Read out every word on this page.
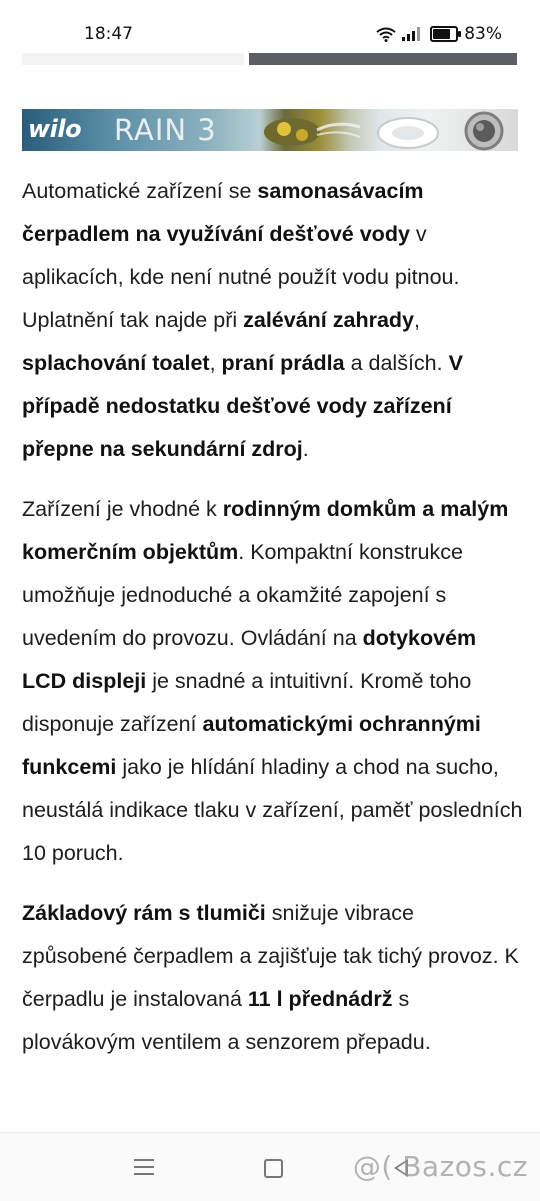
18:47	83%
wilo RAIN 3

Automatické zařízení se samonasávacím čerpadlem na využívání dešťové vody v aplikacích, kde není nutné použít vodu pitnou. Uplatnění tak najde při zalévání zahrady, splachování toalet, praní prádla a dalších. V případě nedostatku dešťové vody zařízení přepne na sekundární zdroj.

Zařízení je vhodné k rodinným domkům a malým komerčním objektům. Kompaktní konstrukce umožňuje jednoduché a okamžité zapojení s uvedením do provozu. Ovládání na dotykovém LCD displeji je snadné a intuitivní. Kromě toho disponuje zařízení automatickými ochrannými funkcemi jako je hlídání hladiny a chod na sucho, neustálá indikace tlaku v zařízení, paměť posledních 10 poruch.

Základový rám s tlumiči snižuje vibrace způsobené čerpadlem a zajišťuje tak tichý provoz. K čerpadlu je instalovaná 11 l přednádrž s plovákovým ventilem a senzorem přepadu.

@( Bazos.cz
